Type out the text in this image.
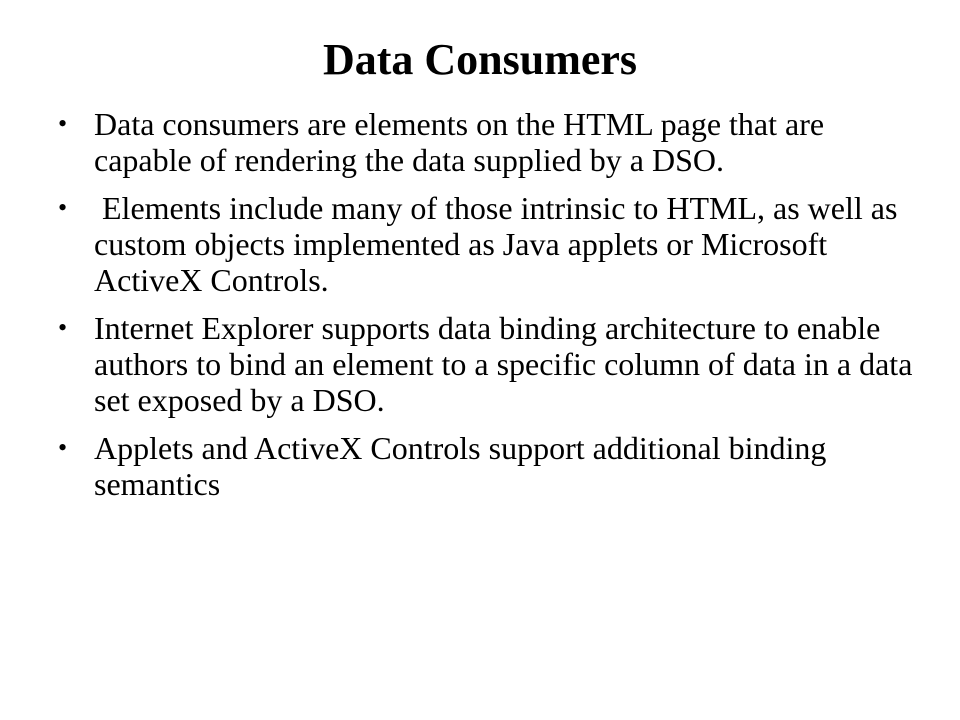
Data Consumers
• Data consumers are elements on the HTML page that are capable of rendering the data supplied by a DSO.
• Elements include many of those intrinsic to HTML, as well as custom objects implemented as Java applets or Microsoft ActiveX Controls.
• Internet Explorer supports data binding architecture to enable authors to bind an element to a specific column of data in a data set exposed by a DSO.
• Applets and ActiveX Controls support additional binding semantics
